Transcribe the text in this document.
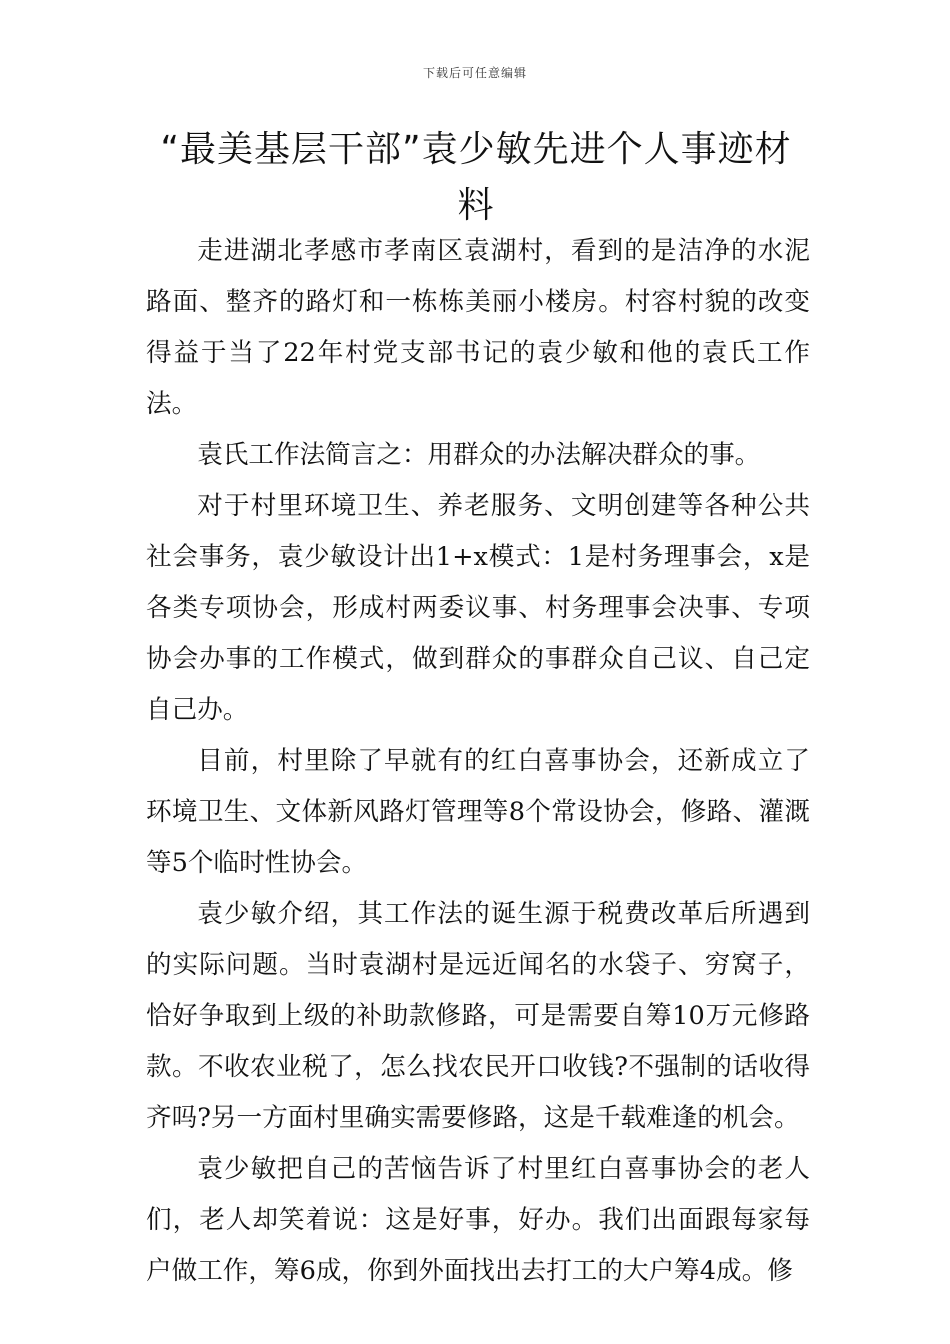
下载后可任意编辑
“最美基层干部”袁少敏先进个人事迹材料

走进湖北孝感市孝南区袁湖村，看到的是洁净的水泥路面、整齐的路灯和一栋栋美丽小楼房。村容村貌的改变得益于当了22年村党支部书记的袁少敏和他的袁氏工作法。

袁氏工作法简言之：用群众的办法解决群众的事。

对于村里环境卫生、养老服务、文明创建等各种公共社会事务，袁少敏设计出1+x模式：1是村务理事会，x是各类专项协会，形成村两委议事、村务理事会决事、专项协会办事的工作模式，做到群众的事群众自己议、自己定自己办。

目前，村里除了早就有的红白喜事协会，还新成立了环境卫生、文体新风路灯管理等8个常设协会，修路、灌溉等5个临时性协会。

袁少敏介绍，其工作法的诞生源于税费改革后所遇到的实际问题。当时袁湖村是远近闻名的水袋子、穷窝子，恰好争取到上级的补助款修路，可是需要自筹10万元修路款。不收农业税了，怎么找农民开口收钱?不强制的话收得齐吗?另一方面村里确实需要修路，这是千载难逢的机会。

袁少敏把自己的苦恼告诉了村里红白喜事协会的老人们，老人却笑着说：这是好事，好办。我们出面跟每家每户做工作，筹6成，你到外面找出去打工的大户筹4成。修
